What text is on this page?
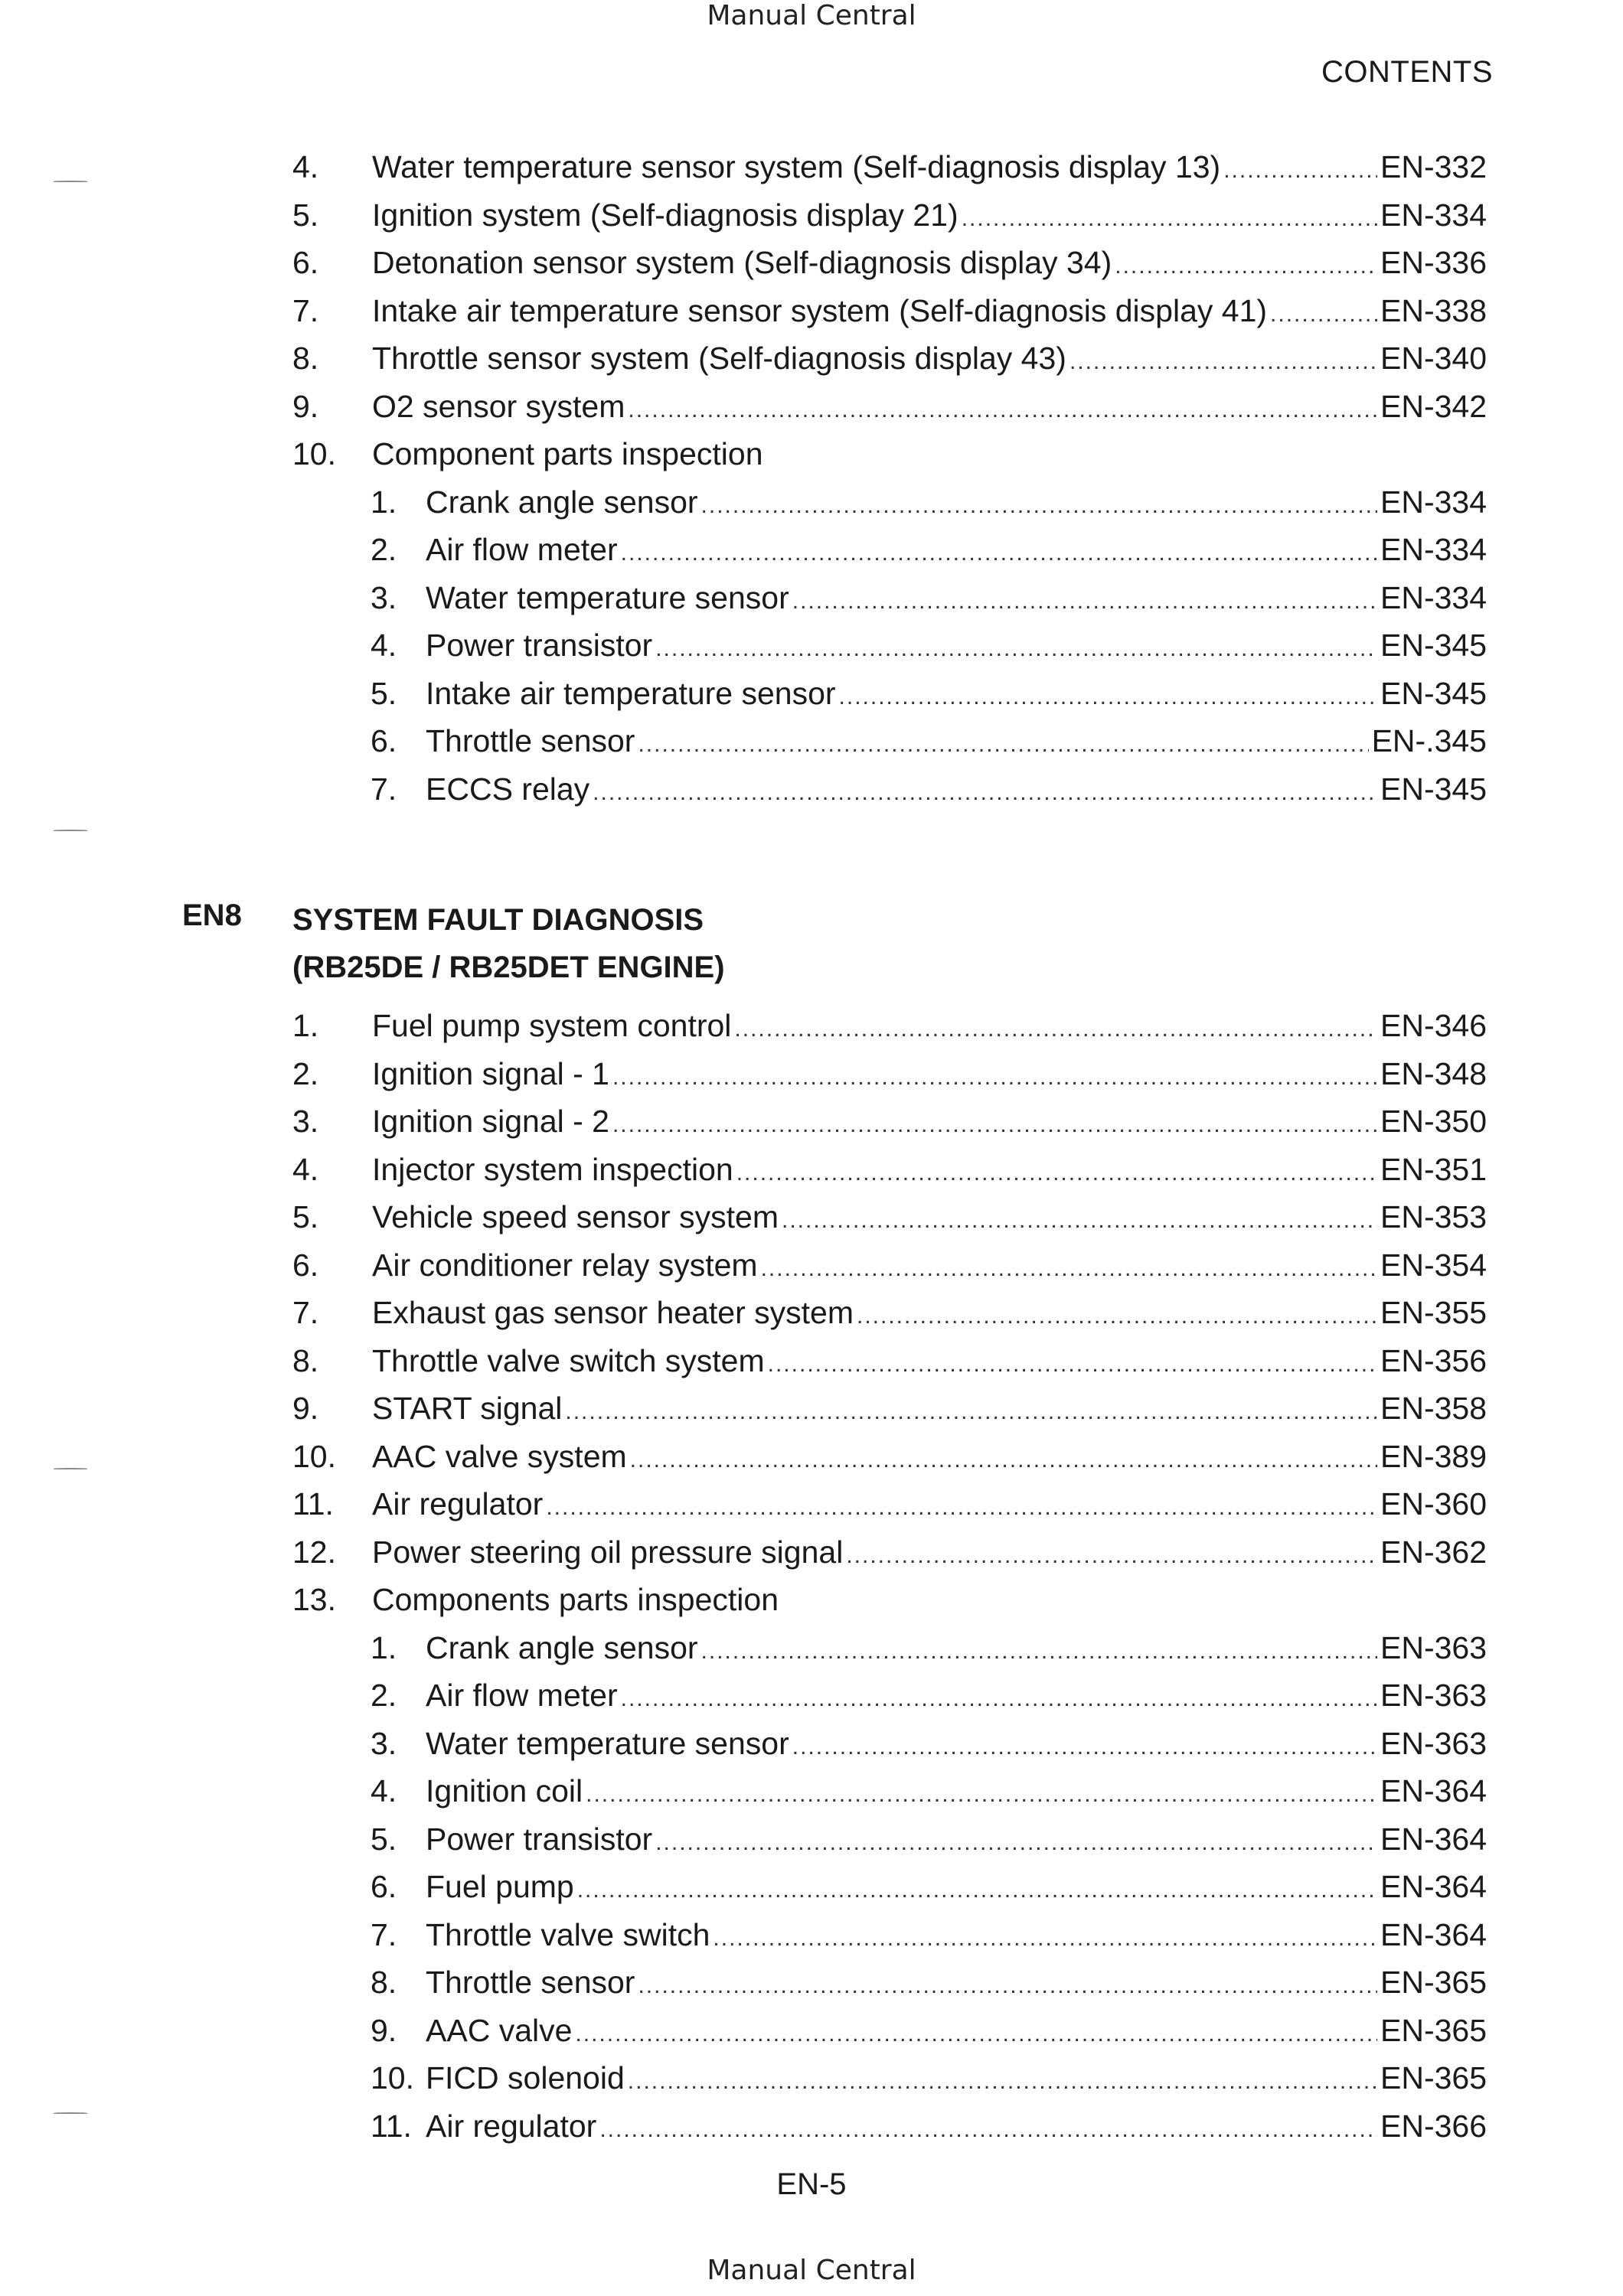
Manual Central
CONTENTS
4.	Water temperature sensor system (Self-diagnosis display 13) .....	EN-332
5.	Ignition system (Self-diagnosis display 21) .....	EN-334
6.	Detonation sensor system (Self-diagnosis display 34) .....	EN-336
7.	Intake air temperature sensor system (Self-diagnosis display 41) .....	EN-338
8.	Throttle sensor system (Self-diagnosis display 43) .....	EN-340
9.	O2 sensor system .....	EN-342
10.	Component parts inspection
1. Crank angle sensor .....	EN-334
2. Air flow meter .....	EN-334
3. Water temperature sensor .....	EN-334
4. Power transistor .....	EN-345
5. Intake air temperature sensor .....	EN-345
6. Throttle sensor .....	EN-.345
7. ECCS relay .....	EN-345
EN8 SYSTEM FAULT DIAGNOSIS
(RB25DE / RB25DET ENGINE)
1.	Fuel pump system control .....	EN-346
2.	Ignition signal - 1 .....	EN-348
3.	Ignition signal - 2 .....	EN-350
4.	Injector system inspection .....	EN-351
5.	Vehicle speed sensor system .....	EN-353
6.	Air conditioner relay system .....	EN-354
7.	Exhaust gas sensor heater system .....	EN-355
8.	Throttle valve switch system .....	EN-356
9.	START signal .....	EN-358
10.	AAC valve system .....	EN-389
11.	Air regulator .....	EN-360
12.	Power steering oil pressure signal .....	EN-362
13.	Components parts inspection
1. Crank angle sensor .....	EN-363
2. Air flow meter .....	EN-363
3. Water temperature sensor .....	EN-363
4. Ignition coil .....	EN-364
5. Power transistor .....	EN-364
6. Fuel pump .....	EN-364
7. Throttle valve switch .....	EN-364
8. Throttle sensor .....	EN-365
9. AAC valve .....	EN-365
10. FICD solenoid .....	EN-365
11. Air regulator .....	EN-366
EN-5
Manual Central
